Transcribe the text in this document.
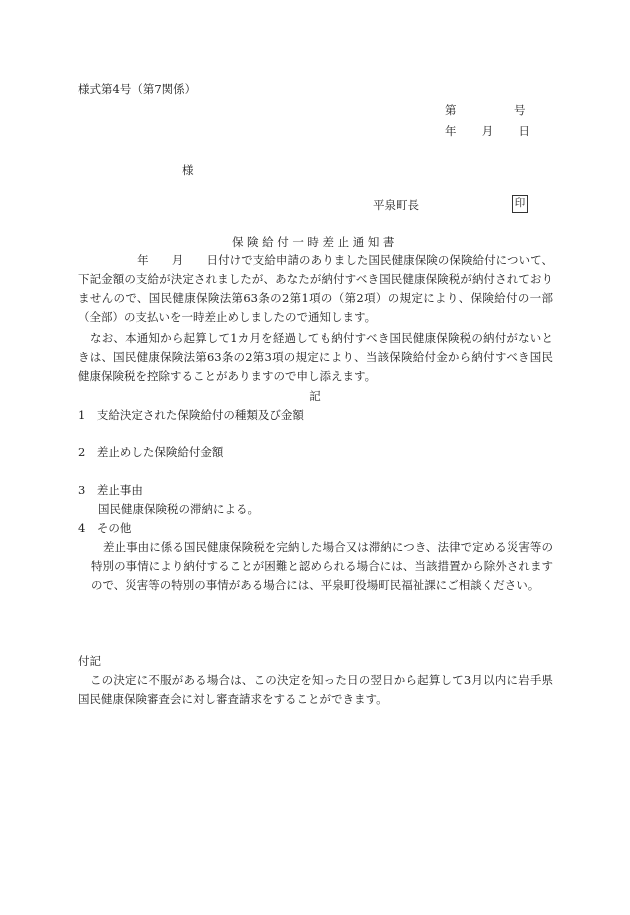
様式第4号（第7関係）
第	号
年 月 日
様
平泉町長	印
保険給付一時差止通知書
　　年　　月　　日付けで支給申請のありました国民健康保険の保険給付について、下記金額の支給が決定されましたが、あなたが納付すべき国民健康保険税が納付されておりませんので、国民健康保険法第63条の2第1項の（第2項）の規定により、保険給付の一部（全部）の支払いを一時差止めしましたので通知します。
なお、本通知から起算して1カ月を経過しても納付すべき国民健康保険税の納付がないときは、国民健康保険法第63条の2第3項の規定により、当該保険給付金から納付すべき国民健康保険税を控除することがありますので申し添えます。
記
1　支給決定された保険給付の種類及び金額
2　差止めした保険給付金額
3　差止事由
国民健康保険税の滞納による。
4　その他
差止事由に係る国民健康保険税を完納した場合又は滞納につき、法律で定める災害等の特別の事情により納付することが困難と認められる場合には、当該措置から除外されますので、災害等の特別の事情がある場合には、平泉町役場町民福祉課にご相談ください。
付記
この決定に不服がある場合は、この決定を知った日の翌日から起算して3月以内に岩手県国民健康保険審査会に対し審査請求をすることができます。
